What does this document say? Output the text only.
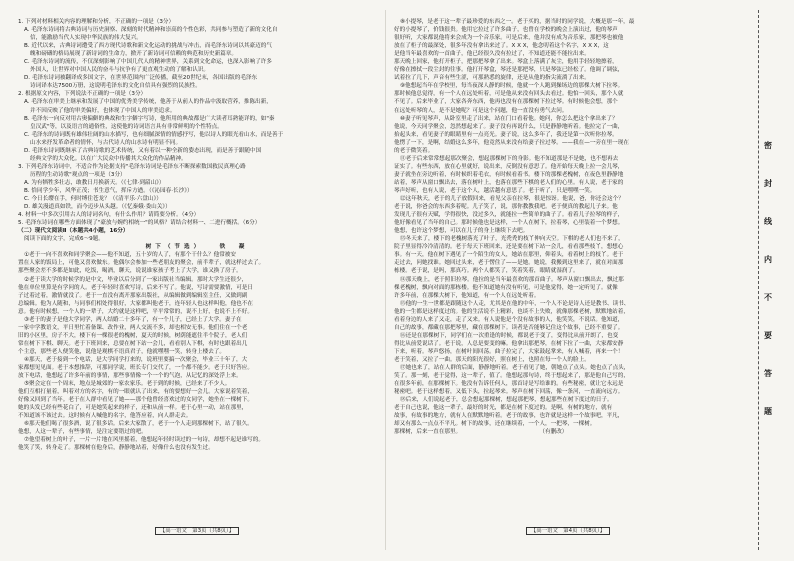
1. 下列对材料相关内容的理解和分析，不正确的一项是（3分）
A. 毛泽东诗词将古典诗词与历史洞察、深刻的时代精神和崇高的个性色彩，共同参与塑造了新的文化自
信，能激励当代人实现中华民族的伟大复兴。
B. 近代以来，古典诗词遭受了西方现代诗歌和新文化运动的挑战与冲击，而毛泽东诗词以其豪迈的气
魄和磅礴的格局展现了新诗词的生命力，掀开了新诗词可信赖的典范和历史新篇章。
C. 毛泽东诗词的流传，不仅深刻影响了中国几代人的精神世界，关系到文化命运，也深入影响了许多
外国人，让世界对中国人民的奋斗与抗争有了更直观生动的了解和认识。
D. 毛泽东诗词被翻译成多国文字，在世界范围内广泛传播，截至20世纪末，各国出版的毛泽东
诗词译本达7500万册，这说明毛泽东的文化自信具有强烈的民族性。
2. 根据原文内容，下列说法不正确的一项是（3分）
A. 毛泽东在审美上继承和发展了中国的优秀美学传统，他善于从前人的作品中汲取营养，推陈出新，
并不因反映了他的审美偏好，也体现了中国人的审美追求。
B. 毛泽东一向反对用古奥偏僻的典故和生字僻字写诗，他所用的典故都是广大读者耳熟能详的，如"秦
皇汉武"等，以及语言的通俗性，这使他的诗词语言具有非常鲜明的个性特点。
C. 毛泽东的诗词既有雄伟壮阔的山水描写，也有细腻深情的情感抒写，他以诗人的眼光看山水，而是善于
山水来抒发革命者的情怀，与古代诗人的山水诗有明显不同。
D. 毛泽东诗词既继承了古典诗歌的艺术传统，又有着以一种全新的姿态出现，而是善于跟随中国
经典文学的大众化。以在广大民众中传播其大众化的作品精神。
3. 下列毛泽东诗词中，不适合作为论据支持"毛泽东诗词是毛泽东不断探索数国救民真理心路
历程的生动诗歌"观点的一项是（3分）
A. 为有牺牲多壮志，敢教日月换新天。（《七律·到韶山》）
B. 恰同学少年，风华正茂；书生意气，挥斥方遒。（《沁园春·长沙》）
C. 今日长缨在手，何时缚住苍龙？（《清平乐·六盘山》）
D. 雄关漫道真如铁，而今迈步从头越。（《忆秦娥·娄山关》）
4. 材料一中多次引用古人的诗词名句，有什么作用？请简要分析。（4分）
5. 毛泽东诗词在哪些方面体现了"豪放与婉约相统一"的风格？请结合材料一、二进行概括。（6分）
（二）现代文阅读Ⅱ（本题共4小题，16分）
阅读下面的文字，完成6～9题。
树下（节选）　　铁　凝
①老于一向不喜欢和同学聚会——他不知道，五十岁的人了，有那个干什么？他常被安
置在人家的饭局上，可他又喜欢做东。他偶尔会参加一些老朋友的聚会，前半辈子，就这样过去了。
那些聚会差不多都是如此，吃饭，喝酒，聊天，说说谁家孩子考上了大学，谁又换了房子。
②老于读大学的时候学的是中文，毕业以后分到了一家出版社当编辑。那时大学生还很少，
他在单位里算是有学问的人。老于年轻时喜欢写诗，后来不写了。他说，写诗需要激情，可是日
子过着过着，激情就没了。老于一直没有离开那家出版社，从编辑做到编辑室主任，又做到副
总编辑。他为人随和，与同事们相处得很好，大家都叫他老于，连年轻人也这样叫他，他也不在
意。他有时候想，一个人的一辈子，大约就是这样吧，平平常常的，说不上好，也说不上不好。
③老于的妻子是他大学同学，两人结婚二十多年了，有一个儿子，已经上了大学。妻子在
一家中学教语文，平日里忙着备课、改作业，两人交流不多，却也相安无事。他们住在一个老
旧的小区里，房子不大，楼下有一棵很老的槐树，夏天的时候，树荫能遮住半个院子，老人们
常在树下下棋、聊天。老于下班回来，总要在树下站一会儿，看看别人下棋，有时也跟着出几
个主意，那些老人便笑他，说他是观棋不语真君子，他就嘿嘿一笑，转身上楼去了。
④那天，老于接到一个电话，是大学同学打来的，说班里要搞一次聚会，毕业三十年了，大
家都想见见面。老于本想推辞，可那同学说，班长专门交代了，一个都不能少。老于只好答应。
放下电话，他想起了许多年前的事情，那些事情像一个一个的气泡，从记忆的深处浮上来。
⑤聚会定在一个周末，地点是城郊的一家农家乐。老于到的时候，已经来了不少人。
他们互相打量着，叫着对方的名字，有的一眼就认了出来，有的要想好一会儿。大家说着笑着，
好像又回到了当年。老于在人群中看见了她——那个他曾经喜欢过的女同学，她坐在一棵树下。
她的头发已经有些花白了，可是她笑起来的样子，还和从前一样。老于心里一动，站在那里，
不知道该不该过去。这时候有人喊他的名字，他答应着，向人群走去。
⑥那天他们喝了很多酒，说了很多话。后来大家散了，老于一个人走到那棵树下，站了很久。
他想，人这一辈子，有些事情，是注定要错过的吧。
⑦他望着树上的叶子，一片一片地在风里摇着，他想起年轻时读过的一句诗，却想不起是谁写的。
他笑了笑，转身走了。那棵树在他身后，静静地站着，好像什么也没有发生过。
【高一语文　第3页（共8页）】
⑧小提琴，是老于这一辈子最珍爱的东西之一。老于买的，据当时的同学说，大概是那一年，最
好的小提琴了，价钱很贵。他用它拉过了许多曲子，也曾在学校的晚会上演出过，他的琴声
很好听，大家都说他将来会成为一个音乐家。可是后来，他并没有成为音乐家，那把琴也被他
放在了柜子的最深处，很多年没有拿出来过了。X X X，他念叨着这个名字，X X X，这
是他当年最喜欢的一首曲子，他已经很久没有拉过了，不知道还能不能拉出来。
那天晚上回家，他打开柜子，把那把琴拿了出来。琴盒上落满了灰尘，他用手轻轻地擦着，
好像在擦拭一段尘封的往事。他打开琴盒，琴还是那把琴，只是琴弦已经松了。他调了调弦，
试着拉了几下，声音有些生涩，可那熟悉的旋律，还是从他的指尖流淌了出来。
⑨他想起当年在学校里，每当夜深人静的时候，他就一个人跑到操场边的那棵大树下拉琴。
那时候他总觉得，有一个人在远处听着，可是他从来没有回头去看过。他怕一回头，那个人就
不见了。后来毕业了，大家各奔东西，他再也没有在那棵树下拉过琴。有时候他会想，那个
在远处听琴的人，是不是她呢？可是这个问题，他一直没有勇气去问。
⑩妻子听见琴声，从卧室里走了出来，站在门口看着他。她问，你怎么把这个拿出来了？
他说，今天同学聚会，忽然想起来了。妻子没有再说什么，只是静静地听着。他拉完了一曲，
抬起头来，看见妻子的眼睛里有一点亮光。妻子说，这么多年了，我还是第一次听你拉琴。
他愣了一下，是啊，结婚这么多年，他竟然从来没有给妻子拉过琴。——我在—一旁在里一现在
的老于微笑着。
⑪老于后来常常想起那次聚会，想起那棵树下的身影。他不知道那是不是她，也不想再去
证实了。有些东西，放在心里就好，说出来，反倒没有意思了。他开始每天晚上拉一会儿琴，
妻子就坐在旁边听着，有时候织着毛衣，有时候看着书。楼下的那棵老槐树，在夜色里静静地
站着，琴声从窗口飘出去，落在树叶上，也落在那些下棋的老人们的心里。有人说，老于家的
琴声好听，也有人说，老于这个人，越活越有意思了。老于听了，只是嘿嘿一笑。
⑫这年秋天，老于的儿子放假回来，看见父亲在拉琴，很是惊讶。他说，爸，你还会这个？
老于说，你爸会的东西多着呢。儿子笑了，说，那你教教我吧。老于便真的教起儿子来。他
发现儿子很有天赋，学得很快，没过多久，就能拉一些简单的曲子了。看着儿子拉琴的样子，
他好像看见了当年的自己。那时候他也是这样，一个人在树下，拉着琴，心里装着一个梦想。
他想，也许这个梦想，可以在儿子的身上继续下去吧。
⑬冬天来了，楼下的老槐树落光了叶子，光秃秃的枝丫伸向天空。下棋的老人们也不来了，
院子里显得冷冷清清的。老于每天下班回来，还是要在树下站一会儿，看看那些枝丫，想想心
事。有一天，他在树下遇见了一个陌生的女人，她站在那里，仰着头，看着树上的枝丫。老于
走过去，问她找谁。她回过头来，老于愣住了——是她。她说，我搬到这里来了，就在对面那
栋楼。老于说，是吗，那真巧。两个人都笑了，笑着笑着，眼睛就湿润了。
⑭那天晚上，老于照旧拉琴。他拉的是当年最喜欢的那首曲子。琴声从窗口飘出去，飘过那
棵老槐树，飘向对面的那栋楼。他不知道她有没有听见，可是他觉得，她一定听见了。就像
许多年前，在那棵大树下，他知道，有一个人在远处听着。
⑮他的一生一世都是跟随这个人走，尤其是在他的中年，一个人不论是诗人还是教书、读书、
他的一生都是这样度过的。他的生活说不上精彩，也谈不上失败，就像那棵老树，默默地站着，
看着身边的人来了又走，走了又来。有人说他是个没有故事的人，他笑笑，不说话。他知道，
自己的故事，都藏在那把琴里，藏在那棵树下。读者是否能够记住这个故事，已经不重要了。
⑯还是在那棵树下，同学们在一次重逢的时候，都说老于变了，变得比从前开朗了，也变
得比从前爱说话了。老于说，人总是要变的嘛。他拿出那把琴，在树下拉了一曲，大家都安静
下来，听着。琴声悠扬，在树叶间回荡。曲子拉完了，大家鼓起掌来，有人喊着，再来一个！
老于笑着，又拉了一曲。那天的阳光很好，照在树上，也照在每一个人的脸上。
⑰她也来了，站在人群的后面，静静地听着。老于看见了她，朝她点了点头。她也点了点头，
笑了。那一刻，老于觉得，这一辈子，值了。他想起那句诗，终于想起来了，那是他自己写的，
在很多年前，在那棵树下。他没有告诉任何人，那首诗是写给谁的。有些秘密，就让它永远是
秘密吧。老于这样想着，又低下头，拉起琴来。琴声在树下回荡，像一条河，一直流向远方。
⑱后来，人们说起老于，总会想起那棵树，想起那把琴，想起那些在树下度过的日子。
老于自己也说，他这一辈子，最好的时光，都是在树下度过的。是啊，有树的地方，就有
故事，有故事的地方，就有人在默默地听着。老于的故事，也许就是这样一个故事吧，平凡，
却又有那么一点点不平凡。树下的故事，还在继续着，一个人，一把琴，一棵树。
那棵树，后来一直在那里。　　　　　　　　　　　　　　　（有删改）
【高一语文　第4页（共8页）】
密
封
线
内
不
要
答
题
